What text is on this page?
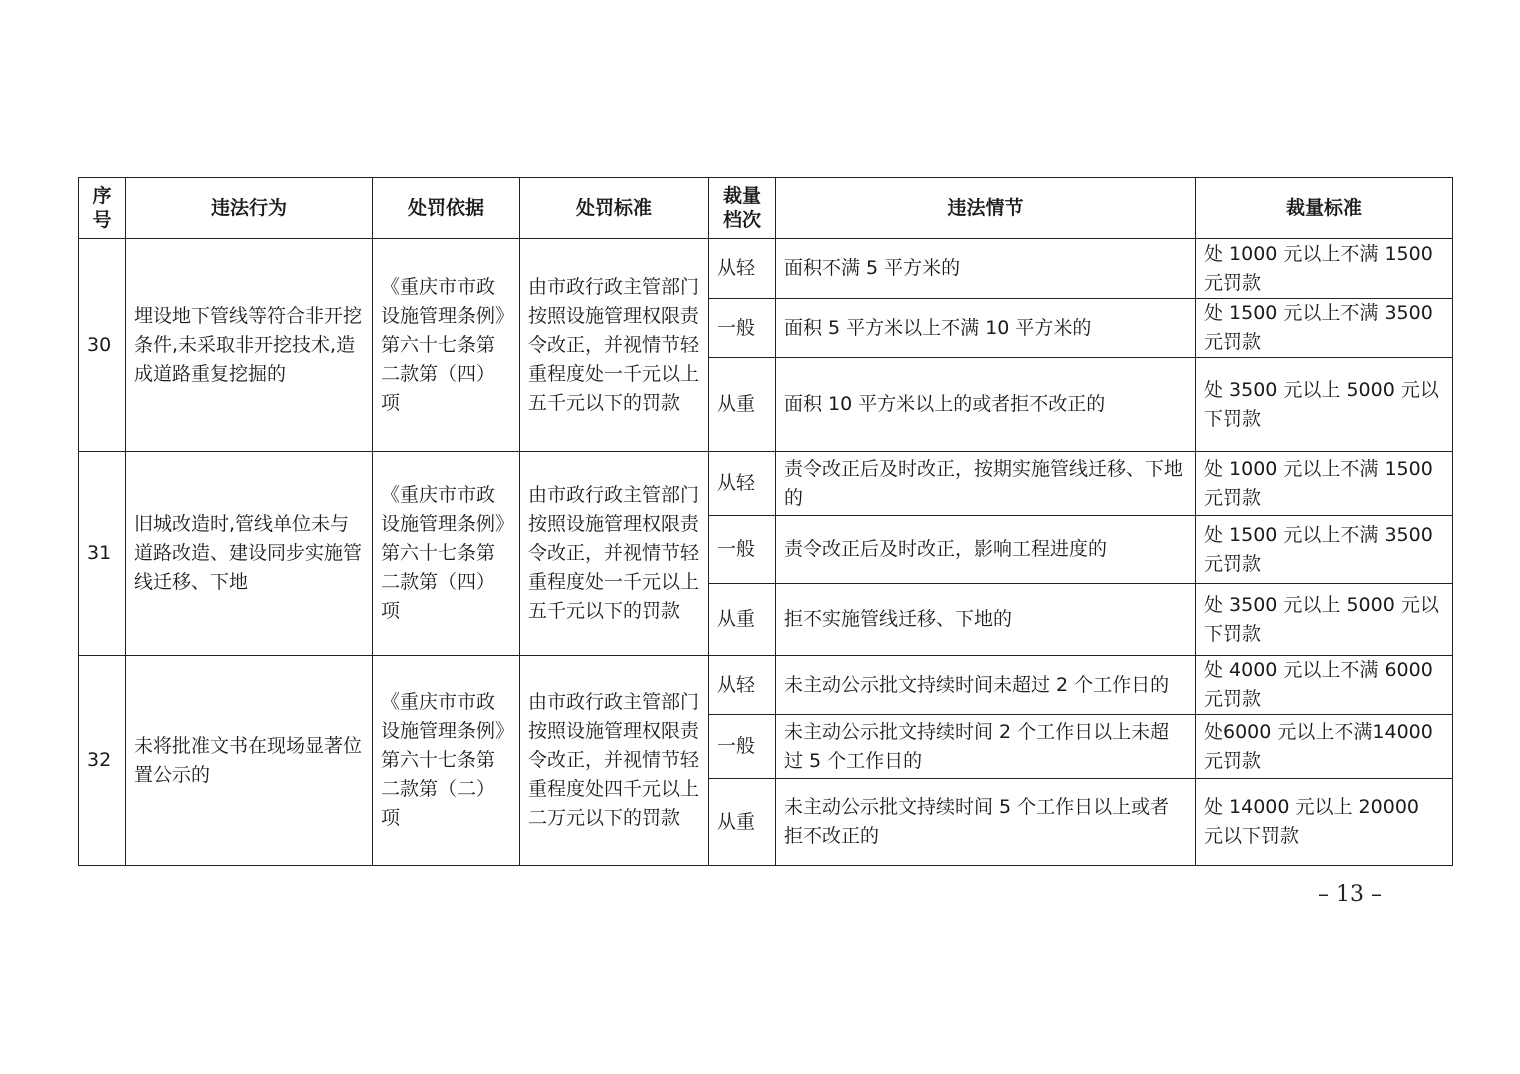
序号	违法行为	处罚依据	处罚标准	裁量档次	违法情节	裁量标准
30	埋设地下管线等符合非开挖条件,未采取非开挖技术,造成道路重复挖掘的	《重庆市市政设施管理条例》第六十七条第二款第（四）项	由市政行政主管部门按照设施管理权限责令改正，并视情节轻重程度处一千元以上五千元以下的罚款	从轻	面积不满 5 平方米的	处 1000 元以上不满 1500 元罚款
				一般	面积 5 平方米以上不满 10 平方米的	处 1500 元以上不满 3500 元罚款
				从重	面积 10 平方米以上的或者拒不改正的	处 3500 元以上 5000 元以下罚款
31	旧城改造时,管线单位未与道路改造、建设同步实施管线迁移、下地	《重庆市市政设施管理条例》第六十七条第二款第（四）项	由市政行政主管部门按照设施管理权限责令改正，并视情节轻重程度处一千元以上五千元以下的罚款	从轻	责令改正后及时改正，按期实施管线迁移、下地的	处 1000 元以上不满 1500 元罚款
				一般	责令改正后及时改正，影响工程进度的	处 1500 元以上不满 3500 元罚款
				从重	拒不实施管线迁移、下地的	处 3500 元以上 5000 元以下罚款
32	未将批准文书在现场显著位置公示的	《重庆市市政设施管理条例》第六十七条第二款第（二）项	由市政行政主管部门按照设施管理权限责令改正，并视情节轻重程度处四千元以上二万元以下的罚款	从轻	未主动公示批文持续时间未超过 2 个工作日的	处 4000 元以上不满 6000 元罚款
				一般	未主动公示批文持续时间 2 个工作日以上未超过 5 个工作日的	处6000 元以上不满14000 元罚款
				从重	未主动公示批文持续时间 5 个工作日以上或者拒不改正的	处 14000 元以上 20000 元以下罚款
– 13 –
